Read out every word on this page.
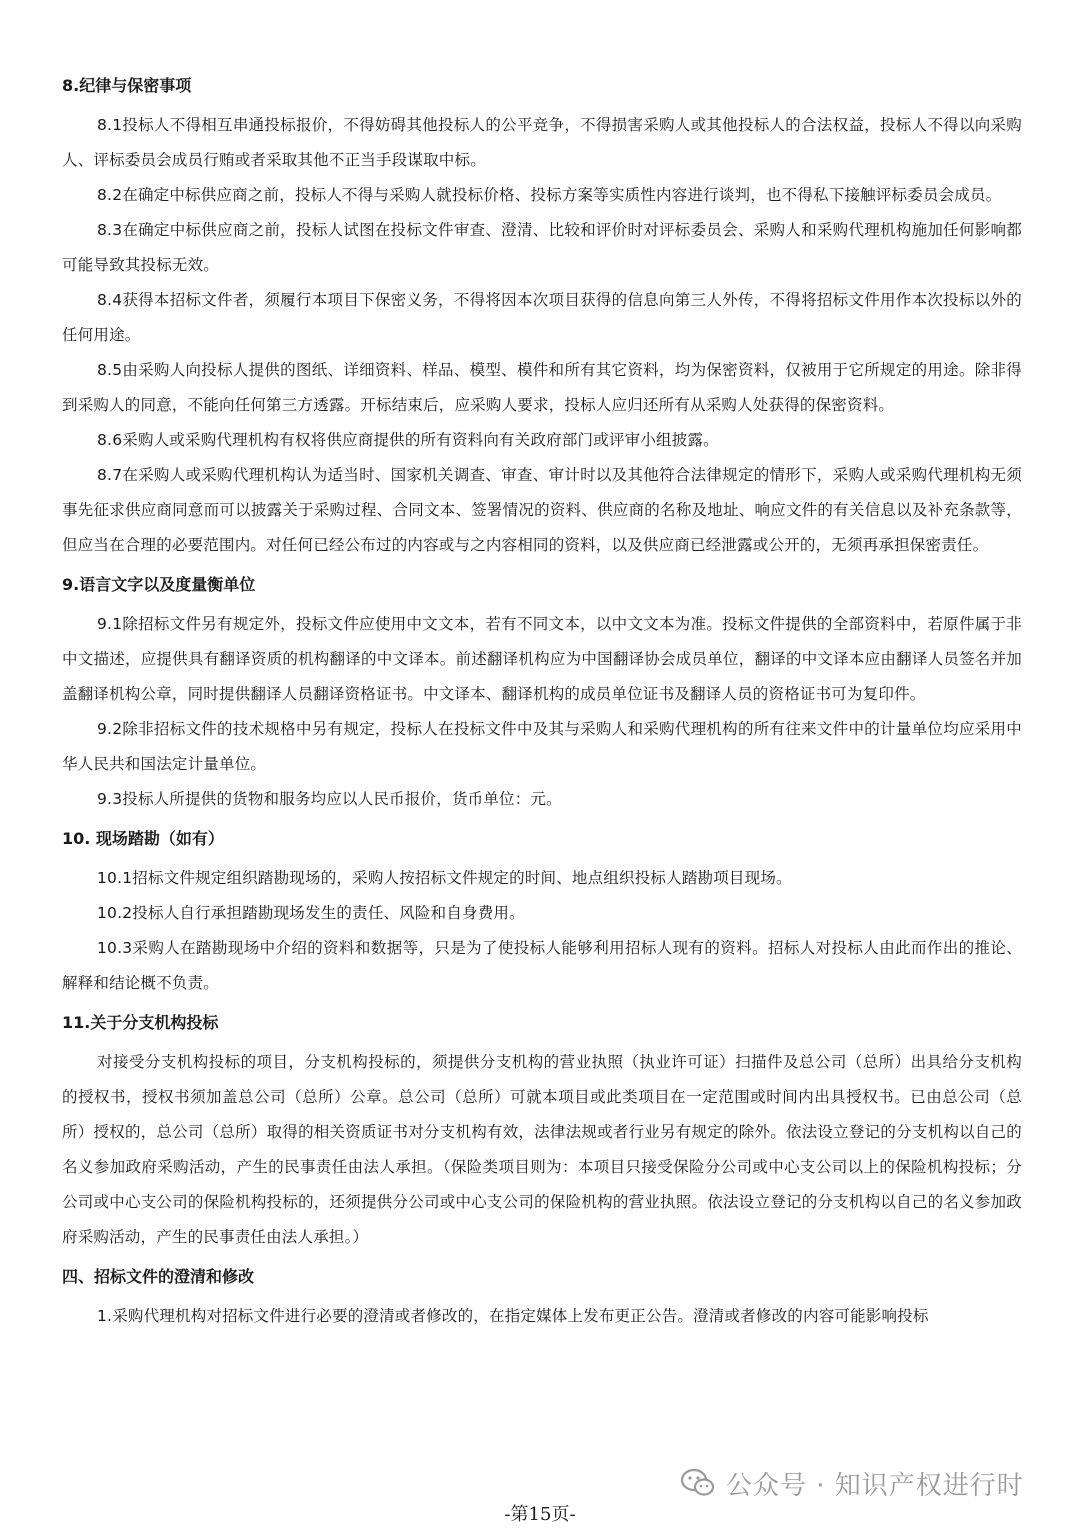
8.纪律与保密事项

8.1投标人不得相互串通投标报价，不得妨碍其他投标人的公平竞争，不得损害采购人或其他投标人的合法权益，投标人不得以向采购人、评标委员会成员行贿或者采取其他不正当手段谋取中标。

8.2在确定中标供应商之前，投标人不得与采购人就投标价格、投标方案等实质性内容进行谈判，也不得私下接触评标委员会成员。

8.3在确定中标供应商之前，投标人试图在投标文件审查、澄清、比较和评价时对评标委员会、采购人和采购代理机构施加任何影响都可能导致其投标无效。

8.4获得本招标文件者，须履行本项目下保密义务，不得将因本次项目获得的信息向第三人外传，不得将招标文件用作本次投标以外的任何用途。

8.5由采购人向投标人提供的图纸、详细资料、样品、模型、模件和所有其它资料，均为保密资料，仅被用于它所规定的用途。除非得到采购人的同意，不能向任何第三方透露。开标结束后，应采购人要求，投标人应归还所有从采购人处获得的保密资料。

8.6采购人或采购代理机构有权将供应商提供的所有资料向有关政府部门或评审小组披露。

8.7在采购人或采购代理机构认为适当时、国家机关调查、审查、审计时以及其他符合法律规定的情形下，采购人或采购代理机构无须事先征求供应商同意而可以披露关于采购过程、合同文本、签署情况的资料、供应商的名称及地址、响应文件的有关信息以及补充条款等，但应当在合理的必要范围内。对任何已经公布过的内容或与之内容相同的资料，以及供应商已经泄露或公开的，无须再承担保密责任。

9.语言文字以及度量衡单位

9.1除招标文件另有规定外，投标文件应使用中文文本，若有不同文本，以中文文本为准。投标文件提供的全部资料中，若原件属于非中文描述，应提供具有翻译资质的机构翻译的中文译本。前述翻译机构应为中国翻译协会成员单位，翻译的中文译本应由翻译人员签名并加盖翻译机构公章，同时提供翻译人员翻译资格证书。中文译本、翻译机构的成员单位证书及翻译人员的资格证书可为复印件。

9.2除非招标文件的技术规格中另有规定，投标人在投标文件中及其与采购人和采购代理机构的所有往来文件中的计量单位均应采用中华人民共和国法定计量单位。

9.3投标人所提供的货物和服务均应以人民币报价，货币单位：元。

10. 现场踏勘（如有）

10.1招标文件规定组织踏勘现场的，采购人按招标文件规定的时间、地点组织投标人踏勘项目现场。

10.2投标人自行承担踏勘现场发生的责任、风险和自身费用。

10.3采购人在踏勘现场中介绍的资料和数据等，只是为了使投标人能够利用招标人现有的资料。招标人对投标人由此而作出的推论、解释和结论概不负责。

11.关于分支机构投标

对接受分支机构投标的项目，分支机构投标的，须提供分支机构的营业执照（执业许可证）扫描件及总公司（总所）出具给分支机构的授权书，授权书须加盖总公司（总所）公章。总公司（总所）可就本项目或此类项目在一定范围或时间内出具授权书。已由总公司（总所）授权的，总公司（总所）取得的相关资质证书对分支机构有效，法律法规或者行业另有规定的除外。依法设立登记的分支机构以自己的名义参加政府采购活动，产生的民事责任由法人承担。（保险类项目则为：本项目只接受保险分公司或中心支公司以上的保险机构投标；分公司或中心支公司的保险机构投标的，还须提供分公司或中心支公司的保险机构的营业执照。依法设立登记的分支机构以自己的名义参加政府采购活动，产生的民事责任由法人承担。）

四、招标文件的澄清和修改

1.采购代理机构对招标文件进行必要的澄清或者修改的，在指定媒体上发布更正公告。澄清或者修改的内容可能影响投标

公众号 · 知识产权进行时
-第15页-
